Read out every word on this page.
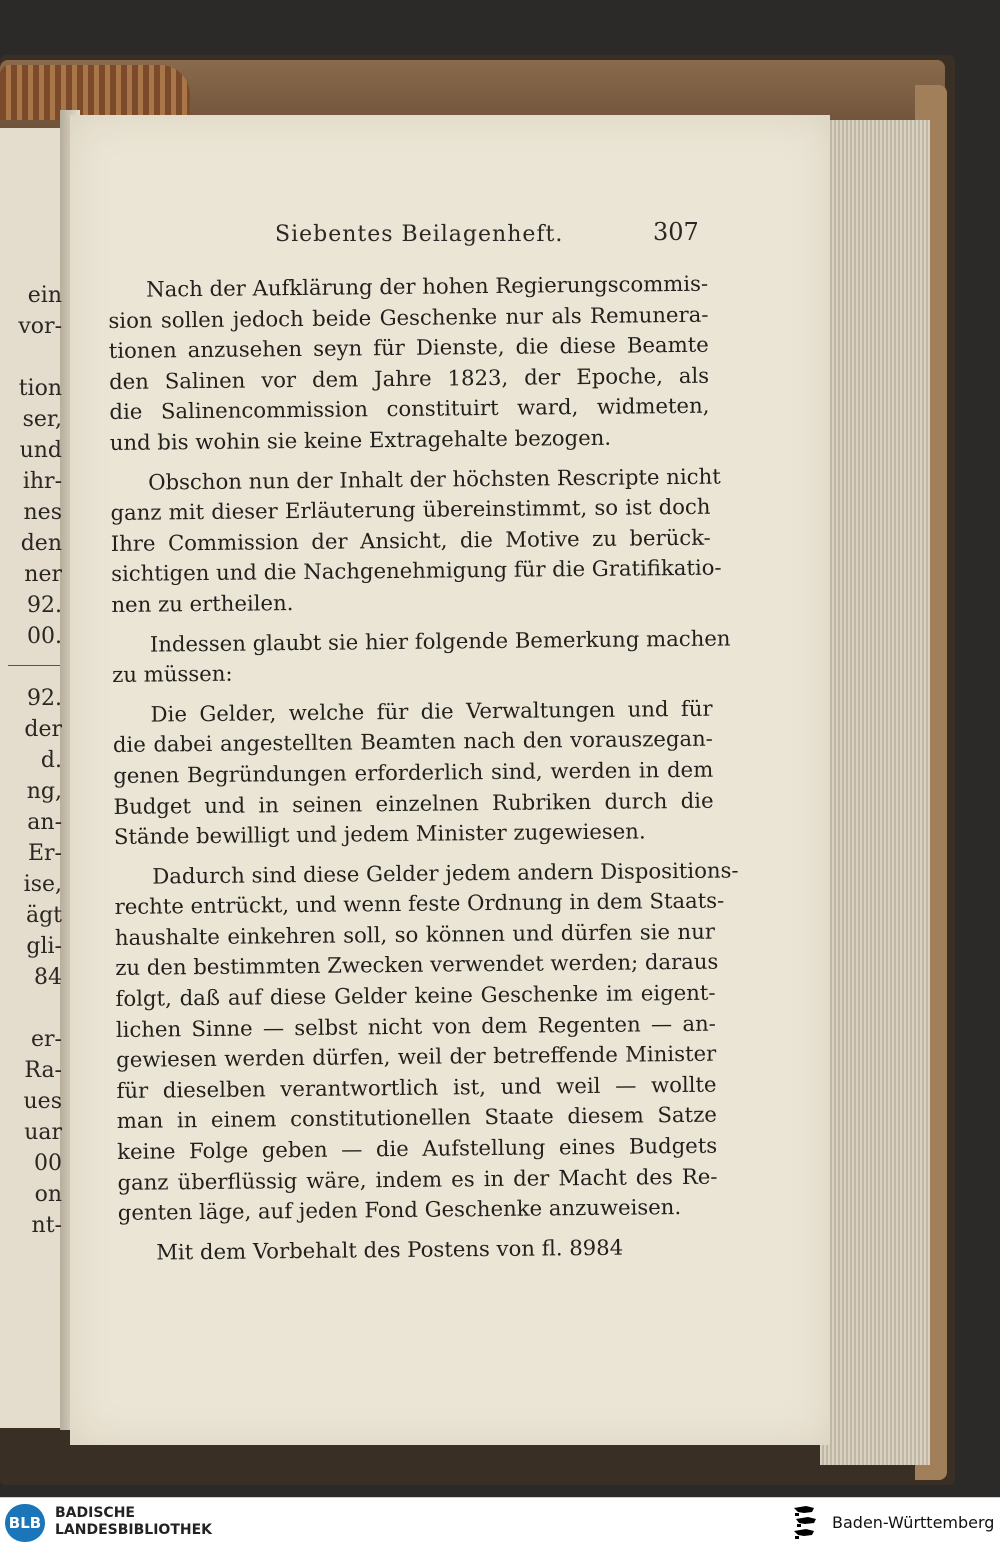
ein
vor-
tion
ser,
und
ihr-
nes
den
ner
92.
00.
92.
der
d.
ng,
an-
Er-
ise,
ägt
gli-
84
er-
Ra-
ues
uar
00
on
nt-
Siebentes Beilagenheft.	307
Nach der Aufklärung der hohen Regierungscommis-
sion sollen jedoch beide Geschenke nur als Remunera-
tionen anzusehen seyn für Dienste, die diese Beamte
den Salinen vor dem Jahre 1823, der Epoche, als
die Salinencommission constituirt ward, widmeten,
und bis wohin sie keine Extragehalte bezogen.
Obschon nun der Inhalt der höchsten Rescripte nicht
ganz mit dieser Erläuterung übereinstimmt, so ist doch
Ihre Commission der Ansicht, die Motive zu berück-
sichtigen und die Nachgenehmigung für die Gratifikatio-
nen zu ertheilen.
Indessen glaubt sie hier folgende Bemerkung machen
zu müssen:
Die Gelder, welche für die Verwaltungen und für
die dabei angestellten Beamten nach den vorauszegan-
genen Begründungen erforderlich sind, werden in dem
Budget und in seinen einzelnen Rubriken durch die
Stände bewilligt und jedem Minister zugewiesen.
Dadurch sind diese Gelder jedem andern Dispositions-
rechte entrückt, und wenn feste Ordnung in dem Staats-
haushalte einkehren soll, so können und dürfen sie nur
zu den bestimmten Zwecken verwendet werden; daraus
folgt, daß auf diese Gelder keine Geschenke im eigent-
lichen Sinne — selbst nicht von dem Regenten — an-
gewiesen werden dürfen, weil der betreffende Minister
für dieselben verantwortlich ist, und weil — wollte
man in einem constitutionellen Staate diesem Satze
keine Folge geben — die Aufstellung eines Budgets
ganz überflüssig wäre, indem es in der Macht des Re-
genten läge, auf jeden Fond Geschenke anzuweisen.
Mit dem Vorbehalt des Postens von fl. 8984
BLB
BADISCHE
LANDESBIBLIOTHEK	Baden-Württemberg
